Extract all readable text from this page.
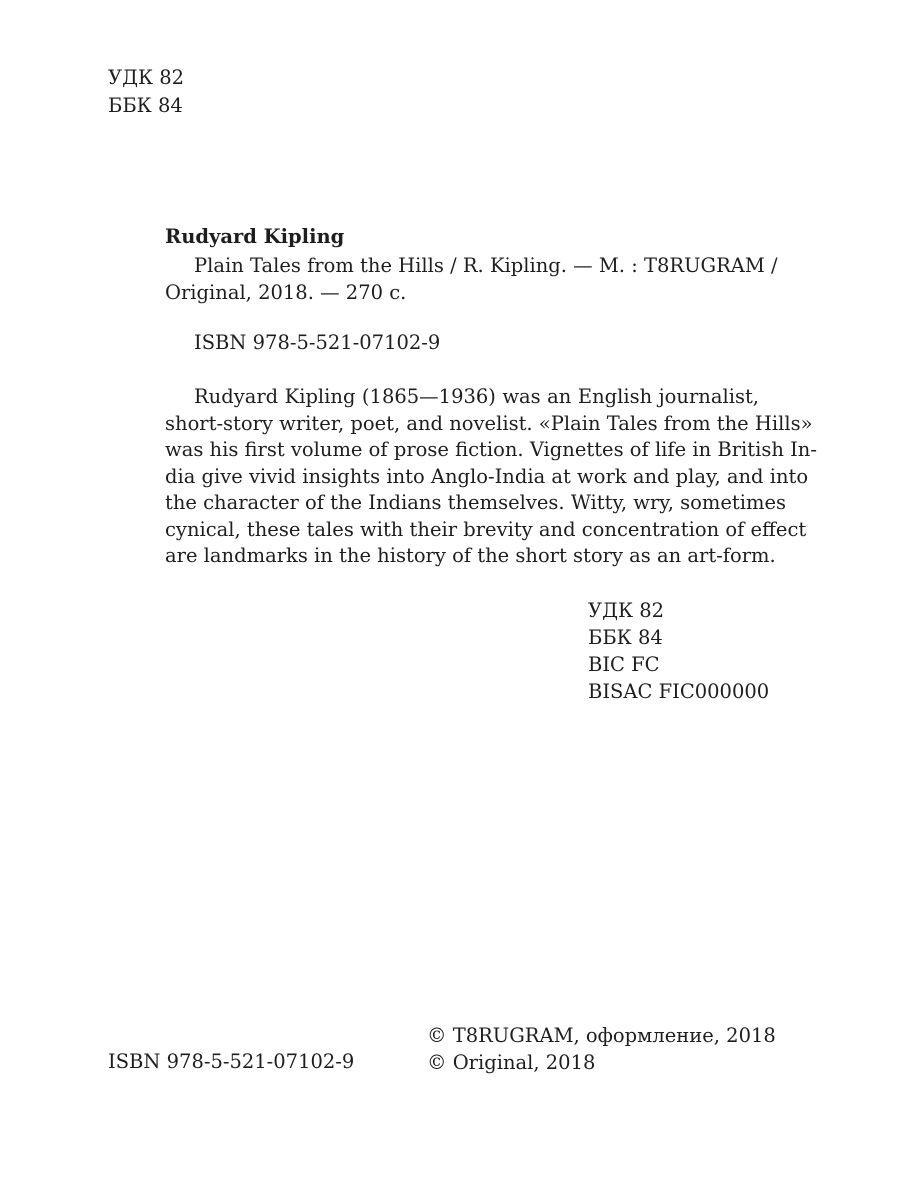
УДК 82
ББК 84
Rudyard Kipling
Plain Tales from the Hills / R. Kipling. — M. : T8RUGRAM /
Original, 2018. — 270 c.
ISBN 978-5-521-07102-9
Rudyard Kipling (1865—1936) was an English journalist,
short-story writer, poet, and novelist. «Plain Tales from the Hills»
was his first volume of prose fiction. Vignettes of life in British In-
dia give vivid insights into Anglo-India at work and play, and into
the character of the Indians themselves. Witty, wry, sometimes
cynical, these tales with their brevity and concentration of effect
are landmarks in the history of the short story as an art-form.
УДК 82
ББК 84
BIC FC
BISAC FIC000000
© T8RUGRAM, оформление, 2018
© Original, 2018
ISBN 978-5-521-07102-9
